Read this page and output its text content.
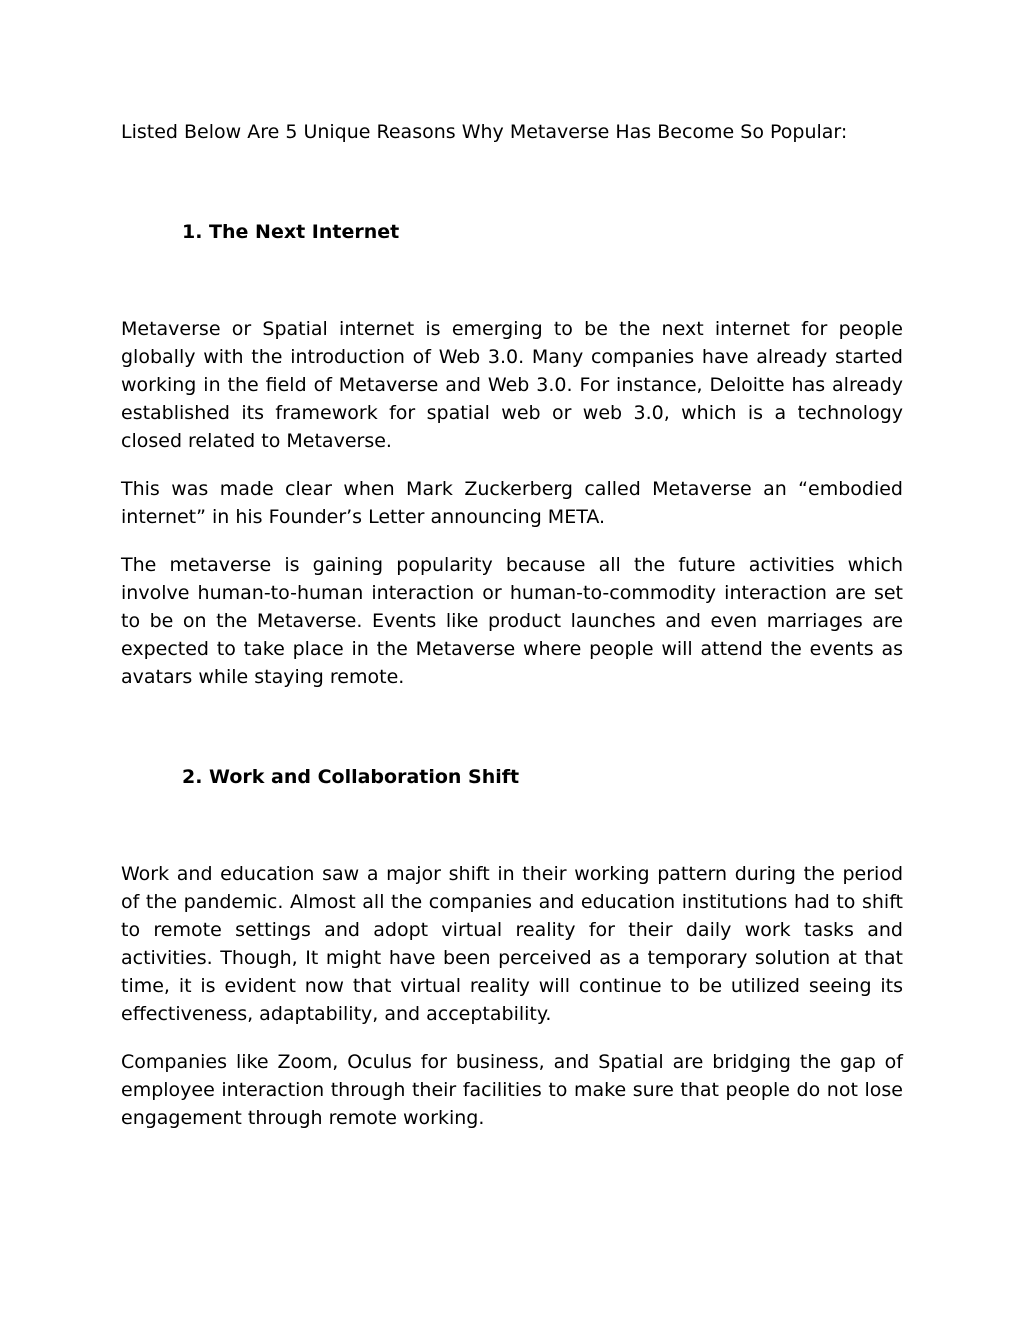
Listed Below Are 5 Unique Reasons Why Metaverse Has Become So Popular:

1. The Next Internet

Metaverse or Spatial internet is emerging to be the next internet for people globally with the introduction of Web 3.0. Many companies have already started working in the field of Metaverse and Web 3.0. For instance, Deloitte has already established its framework for spatial web or web 3.0, which is a technology closed related to Metaverse.

This was made clear when Mark Zuckerberg called Metaverse an “embodied internet” in his Founder’s Letter announcing META.

The metaverse is gaining popularity because all the future activities which involve human-to-human interaction or human-to-commodity interaction are set to be on the Metaverse. Events like product launches and even marriages are expected to take place in the Metaverse where people will attend the events as avatars while staying remote.

2. Work and Collaboration Shift

Work and education saw a major shift in their working pattern during the period of the pandemic. Almost all the companies and education institutions had to shift to remote settings and adopt virtual reality for their daily work tasks and activities. Though, It might have been perceived as a temporary solution at that time, it is evident now that virtual reality will continue to be utilized seeing its effectiveness, adaptability, and acceptability.

Companies like Zoom, Oculus for business, and Spatial are bridging the gap of employee interaction through their facilities to make sure that people do not lose engagement through remote working.
